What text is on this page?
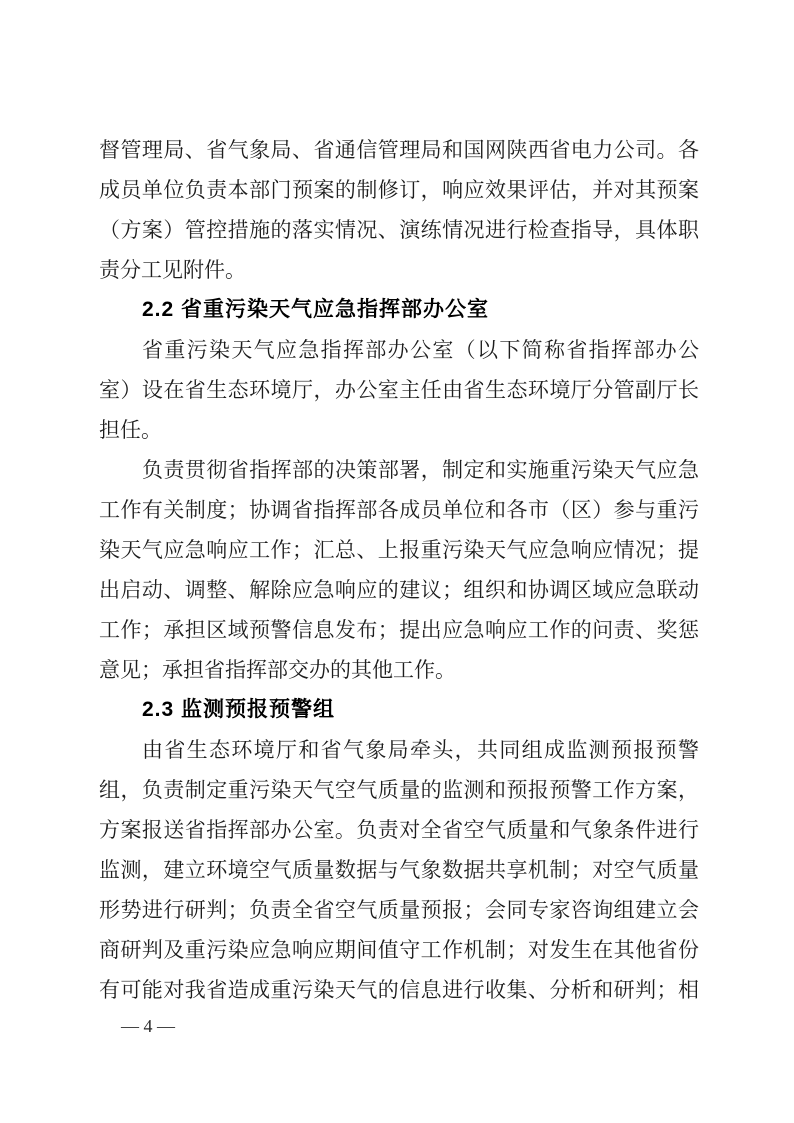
督管理局、省气象局、省通信管理局和国网陕西省电力公司。各
成员单位负责本部门预案的制修订，响应效果评估，并对其预案
（方案）管控措施的落实情况、演练情况进行检查指导，具体职
责分工见附件。
2.2 省重污染天气应急指挥部办公室
省重污染天气应急指挥部办公室（以下简称省指挥部办公
室）设在省生态环境厅，办公室主任由省生态环境厅分管副厅长
担任。
负责贯彻省指挥部的决策部署，制定和实施重污染天气应急
工作有关制度；协调省指挥部各成员单位和各市（区）参与重污
染天气应急响应工作；汇总、上报重污染天气应急响应情况；提
出启动、调整、解除应急响应的建议；组织和协调区域应急联动
工作；承担区域预警信息发布；提出应急响应工作的问责、奖惩
意见；承担省指挥部交办的其他工作。
2.3 监测预报预警组
由省生态环境厅和省气象局牵头，共同组成监测预报预警
组，负责制定重污染天气空气质量的监测和预报预警工作方案，
方案报送省指挥部办公室。负责对全省空气质量和气象条件进行
监测，建立环境空气质量数据与气象数据共享机制；对空气质量
形势进行研判；负责全省空气质量预报；会同专家咨询组建立会
商研判及重污染应急响应期间值守工作机制；对发生在其他省份
有可能对我省造成重污染天气的信息进行收集、分析和研判；相
— 4 —
